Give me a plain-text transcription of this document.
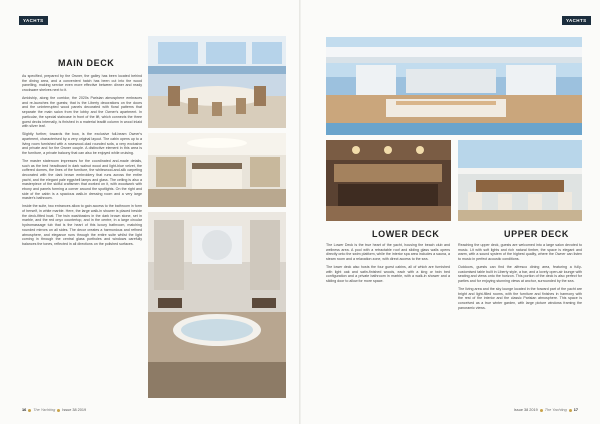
YACHTS
MAIN DECK

As specified, prepared by the Owner, the galley has been located behind the dining area, and a convenient hatch has been cut into the wood panelling, making service even more effective between dinner and ready crockware shelves next to it.

Amidship, along the corridor, the 2020s Parisian atmosphere embraces and re-launches the guests; that is the Liberty decorations on the doors and the uninterrupted wood panels decorated with floral patterns that separate the main salon from the lobby and the Owner's apartment. In particular, the special staircase in front of the lift, which connects the three guest decks internally, is finished in a material leadlit column in wood inlaid with silver leaf.

Slightly further, towards the bow, is the exclusive full-beam Owner's apartment, characterised by a very original layout. The cabin opens up to a living room furnished with a rosewood-clad rounded sofa, a very exclusive and private and for the Owner couple. A distinctive element in this area is the furniture, a private balcony that can also be enjoyed while cruising.

The master stateroom impresses for the coordinated and-made details, such as the bed headboard in dark walnut wood and light-blue velvet, the coffered domes, the lines of the furniture, the whitewood-and-silk carpeting decorated with the dark brown embroidery that runs across the entire yacht, and the elegant pale eggshell lamps and glass. The ceiling is also a masterpiece of the skilful craftsmen that worked on it, with woodwork with ebony and panels forming a corner around the spotlights. On the right and side of the cabin is a spacious walk-in dressing room and a very large master's bathroom.

Inside the suite, two entrances allow to gain access to the bathroom in form of herself, in white marble. Here, the large walk-in shower is placed beside the deck-fitted boat. The twin washbasins in the dark brown stone, set in marble, and the red onyx countertop, and in the centre, in a large circular hydromassage tub that is the heart of this luxury bathroom, matching rounded mirrors on all sides. The decor creates a harmonious and refined atmosphere, and elegance runs through the entire suite whilst the light coming in through the central glass portholes and windows carefully balances the tones, reflected in all directions on the polished surfaces.

16 The Yachting Issue 38 2019
YACHTS
LOWER DECK

The Lower Deck is the true heart of the yacht, housing the beach club and wellness area. A pool with a retractable roof and sliding glass walls opens directly onto the swim platform, while the interior spa area includes a sauna, a steam room and a relaxation zone, with direct access to the sea.

The lower deck also hosts the four guest cabins, all of which are furnished with light oak and satin-finished woods, each with a king or twin bed configuration and a private bathroom in marble, with a walk-in shower and a sliding door to allow for more space.

UPPER DECK

Reaching the upper deck, guests are welcomed into a large salon devoted to music. Lit with soft lights and rich natural timber, the space is elegant and warm, with a sound system of the highest quality, where the Owner can listen to music in perfect acoustic conditions.

Outdoors, guests can find the alfresco dining area, featuring a fully-customised table built in Liberty style, a bar, and a lovely open-air lounge with seating and views onto the horizon. This portion of the deck is also perfect for parties and for enjoying stunning views at anchor, surrounded by the sea.

The living area and the sky lounge located in the forward part of the yacht are bright and light-filled rooms, with the furniture and finishes in harmony with the rest of the interior and the classic Parisian atmosphere. This space is conceived as a true winter garden, with large picture windows framing the panoramic views.

Issue 38 2019 The Yachting 17
